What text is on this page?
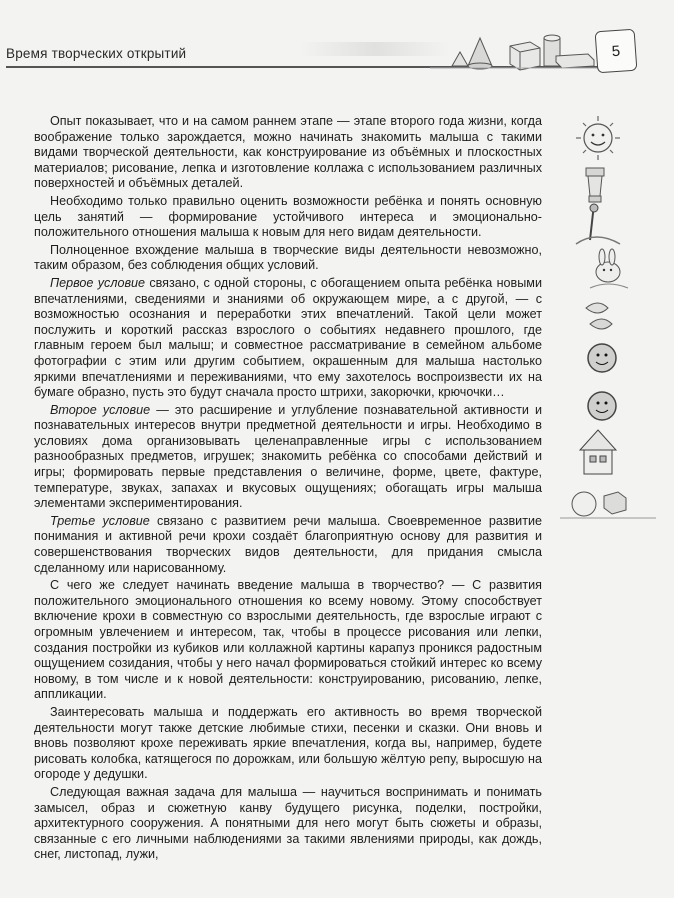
Время творческих открытий	5

Опыт показывает, что и на самом раннем этапе — этапе второго года жизни, когда воображение только зарождается, можно начинать знакомить малыша с такими видами творческой деятельности, как конструирование из объёмных и плоскостных материалов; рисование, лепка и изготовление коллажа с использованием различных поверхностей и объёмных деталей.

Необходимо только правильно оценить возможности ребёнка и понять основную цель занятий — формирование устойчивого интереса и эмоционально-положительного отношения малыша к новым для него видам деятельности.

Полноценное вхождение малыша в творческие виды деятельности невозможно, таким образом, без соблюдения общих условий.

Первое условие связано, с одной стороны, с обогащением опыта ребёнка новыми впечатлениями, сведениями и знаниями об окружающем мире, а с другой, — с возможностью осознания и переработки этих впечатлений. Такой цели может послужить и короткий рассказ взрослого о событиях недавнего прошлого, где главным героем был малыш; и совместное рассматривание в семейном альбоме фотографии с этим или другим событием, окрашенным для малыша настолько яркими впечатлениями и переживаниями, что ему захотелось воспроизвести их на бумаге образно, пусть это будут сначала просто штрихи, закорючки, крючочки…

Второе условие — это расширение и углубление познавательной активности и познавательных интересов внутри предметной деятельности и игры. Необходимо в условиях дома организовывать целенаправленные игры с использованием разнообразных предметов, игрушек; знакомить ребёнка со способами действий и игры; формировать первые представления о величине, форме, цвете, фактуре, температуре, звуках, запахах и вкусовых ощущениях; обогащать игры малыша элементами экспериментирования.

Третье условие связано с развитием речи малыша. Своевременное развитие понимания и активной речи крохи создаёт благоприятную основу для развития и совершенствования творческих видов деятельности, для придания смысла сделанному или нарисованному.

С чего же следует начинать введение малыша в творчество? — С развития положительного эмоционального отношения ко всему новому. Этому способствует включение крохи в совместную со взрослыми деятельность, где взрослые играют с огромным увлечением и интересом, так, чтобы в процессе рисования или лепки, создания постройки из кубиков или коллажной картины карапуз проникся радостным ощущением созидания, чтобы у него начал формироваться стойкий интерес ко всему новому, в том числе и к новой деятельности: конструированию, рисованию, лепке, аппликации.

Заинтересовать малыша и поддержать его активность во время творческой деятельности могут также детские любимые стихи, песенки и сказки. Они вновь и вновь позволяют крохе переживать яркие впечатления, когда вы, например, будете рисовать колобка, катящегося по дорожкам, или большую жёлтую репу, выросшую на огороде у дедушки.

Следующая важная задача для малыша — научиться воспринимать и понимать замысел, образ и сюжетную канву будущего рисунка, поделки, постройки, архитектурного сооружения. А понятными для него могут быть сюжеты и образы, связанные с его личными наблюдениями за такими явлениями природы, как дождь, снег, листопад, лужи,
